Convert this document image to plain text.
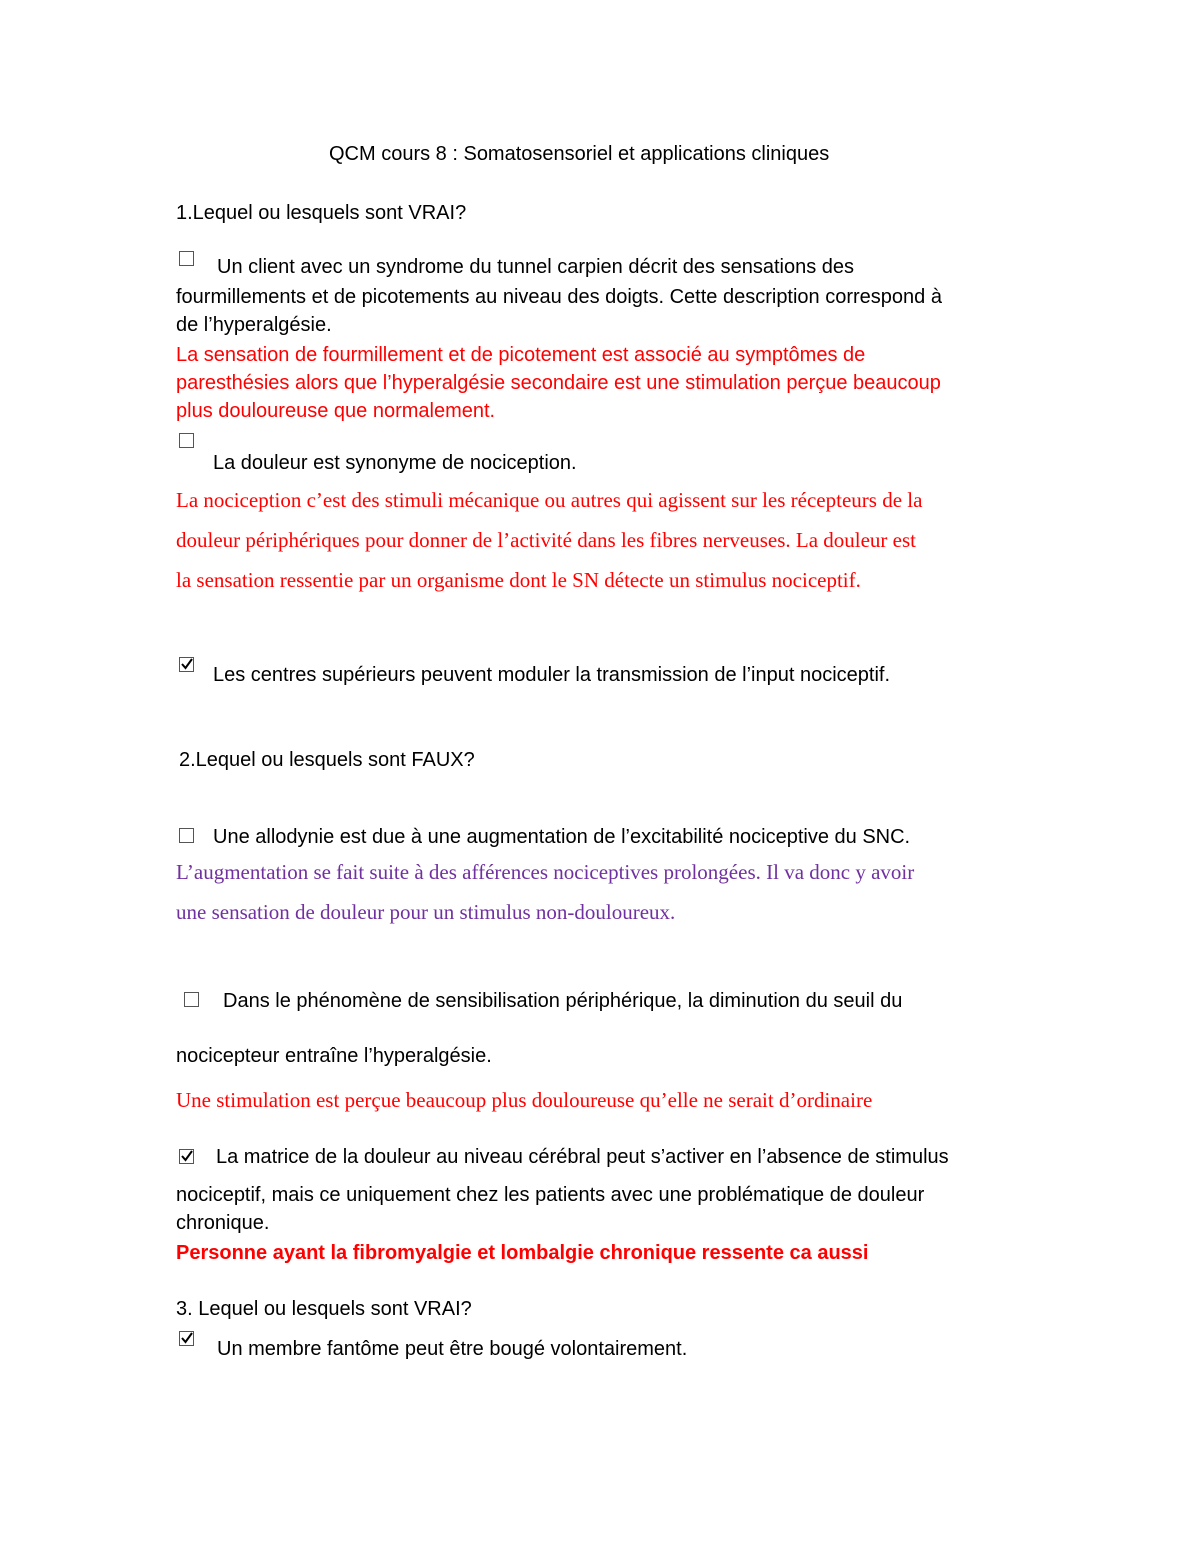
QCM cours 8 : Somatosensoriel et applications cliniques
1.Lequel ou lesquels sont VRAI?
Un client avec un syndrome du tunnel carpien décrit des sensations des
fourmillements et de picotements au niveau des doigts. Cette description correspond à
de l’hyperalgésie.
La sensation de fourmillement et de picotement est associé au symptômes de
paresthésies alors que l’hyperalgésie secondaire est une stimulation perçue beaucoup
plus douloureuse que normalement.
La douleur est synonyme de nociception.
La nociception c’est des stimuli mécanique ou autres qui agissent sur les récepteurs de la
douleur périphériques pour donner de l’activité dans les fibres nerveuses. La douleur est
la sensation ressentie par un organisme dont le SN détecte un stimulus nociceptif.
Les centres supérieurs peuvent moduler la transmission de l’input nociceptif.
2.Lequel ou lesquels sont FAUX?
Une allodynie est due à une augmentation de l’excitabilité nociceptive du SNC.
L’augmentation se fait suite à des afférences nociceptives prolongées. Il va donc y avoir
une sensation de douleur pour un stimulus non-douloureux.
Dans le phénomène de sensibilisation périphérique, la diminution du seuil du
nocicepteur entraîne l’hyperalgésie.
Une stimulation est perçue beaucoup plus douloureuse qu’elle ne serait d’ordinaire
La matrice de la douleur au niveau cérébral peut s’activer en l’absence de stimulus
nociceptif, mais ce uniquement chez les patients avec une problématique de douleur
chronique.
Personne ayant la fibromyalgie et lombalgie chronique ressente ca aussi
3. Lequel ou lesquels sont VRAI?
Un membre fantôme peut être bougé volontairement.
